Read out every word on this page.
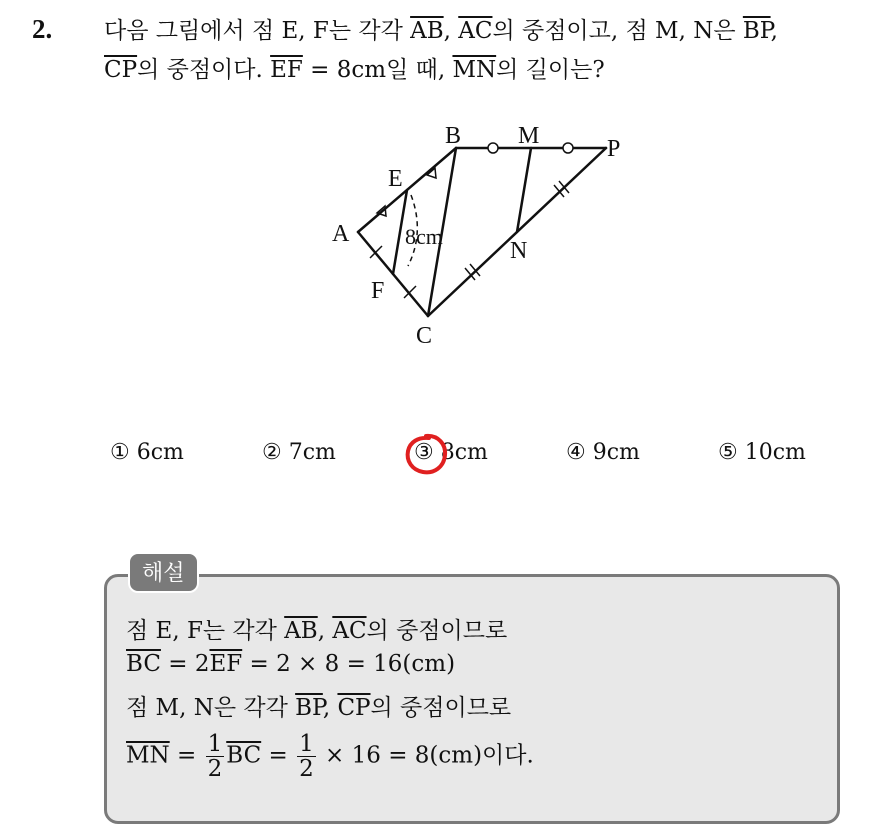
2. 다음 그림에서 점 E, F는 각각 $\overline{AB}$, $\overline{AC}$의 중점이고, 점 M, N은 $\overline{BP}$,
$\overline{CP}$의 중점이다. $\overline{EF} = 8cm$일 때, $\overline{MN}$의 길이는?
A
B
C
E
F
M
N
P
8cm
① 6cm	② 7cm	③ 8cm	④ 9cm	⑤ 10cm
해설
점 E, F는 각각 $\overline{AB}$, $\overline{AC}$의 중점이므로
$\overline{BC} = 2\overline{EF} = 2 \times 8 = 16(cm)$
점 M, N은 각각 $\overline{BP}$, $\overline{CP}$의 중점이므로
$\overline{MN} = \frac{1}{2} \overline{BC} = \frac{1}{2} \times 16 = 8(cm)$이다.
